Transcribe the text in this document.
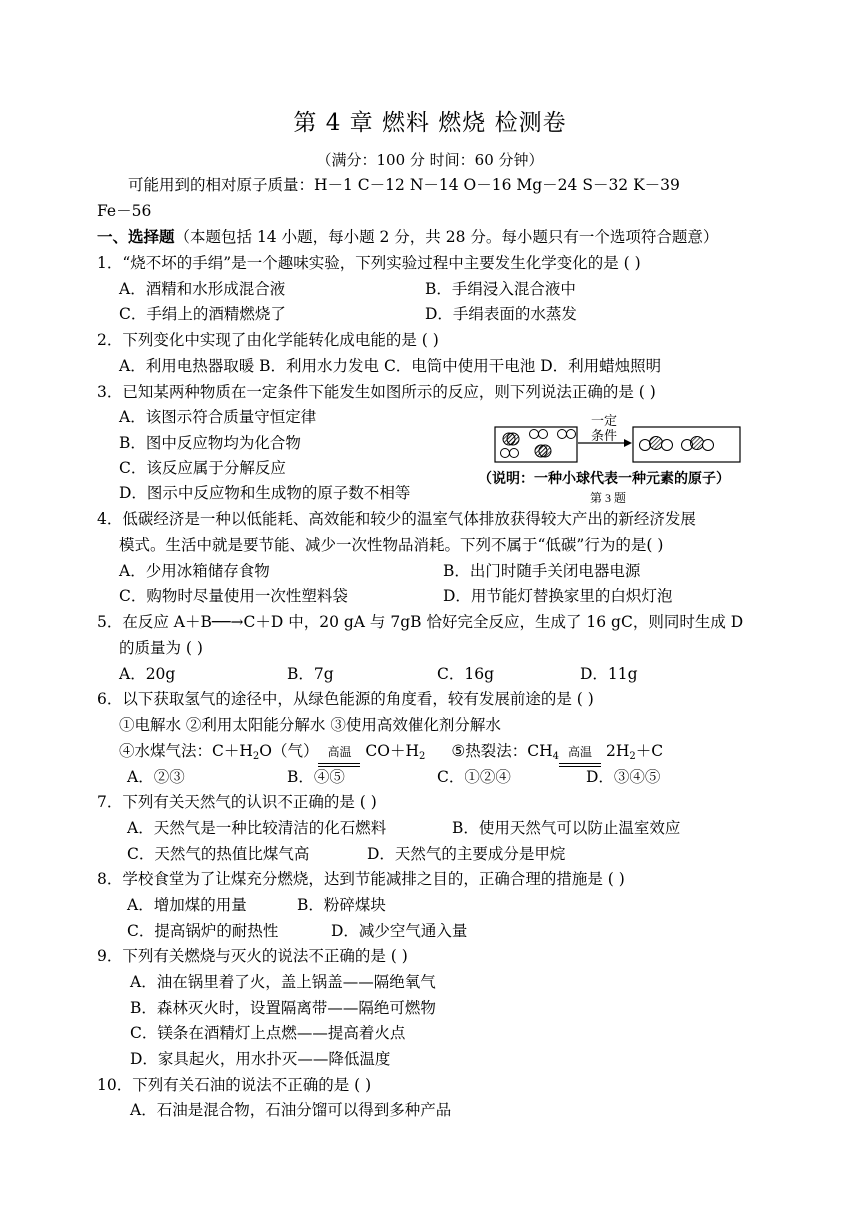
第 4 章 燃料 燃烧 检测卷
（满分：100 分 时间：60 分钟）
可能用到的相对原子质量：H－1 C－12 N－14 O－16 Mg－24 S－32 K－39
Fe－56
一、选择题（本题包括 14 小题，每小题 2 分，共 28 分。每小题只有一个选项符合题意）
1．“烧不坏的手绢”是一个趣味实验，下列实验过程中主要发生化学变化的是 ( )
A．酒精和水形成混合液	B．手绢浸入混合液中
C．手绢上的酒精燃烧了	D．手绢表面的水蒸发
2．下列变化中实现了由化学能转化成电能的是 ( )
A．利用电热器取暖 B．利用水力发电 C．电筒中使用干电池 D．利用蜡烛照明
3．已知某两种物质在一定条件下能发生如图所示的反应，则下列说法正确的是 ( )
A．该图示符合质量守恒定律
B．图中反应物均为化合物
C．该反应属于分解反应
D．图示中反应物和生成物的原子数不相等
一定
条件
（说明：一种小球代表一种元素的原子）
第 3 题
4．低碳经济是一种以低能耗、高效能和较少的温室气体排放获得较大产出的新经济发展
模式。生活中就是要节能、减少一次性物品消耗。下列不属于“低碳”行为的是( )
A．少用冰箱储存食物	B．出门时随手关闭电器电源
C．购物时尽量使用一次性塑料袋	D．用节能灯替换家里的白炽灯泡
5．在反应 A＋B──→C＋D 中，20 gA 与 7gB 恰好完全反应，生成了 16 gC，则同时生成 D
的质量为 ( )
A．20g	B．7g	C．16g	D．11g
6．以下获取氢气的途径中，从绿色能源的角度看，较有发展前途的是 ( )
①电解水 ②利用太阳能分解水 ③使用高效催化剂分解水
④水煤气法：$C+H_2O$（气） 高温 $CO+H_2$ ⑤热裂法：$CH_4$ 高温 $2H_2+C$
A．②③	B．④⑤	C．①②④	D．③④⑤
7．下列有关天然气的认识不正确的是 ( )
A．天然气是一种比较清洁的化石燃料	B．使用天然气可以防止温室效应
C．天然气的热值比煤气高	D．天然气的主要成分是甲烷
8．学校食堂为了让煤充分燃烧，达到节能减排之目的，正确合理的措施是 ( )
A．增加煤的用量	B．粉碎煤块
C．提高锅炉的耐热性	D．减少空气通入量
9．下列有关燃烧与灭火的说法不正确的是 ( )
A．油在锅里着了火，盖上锅盖——隔绝氧气
B．森林灭火时，设置隔离带——隔绝可燃物
C．镁条在酒精灯上点燃——提高着火点
D．家具起火，用水扑灭——降低温度
10．下列有关石油的说法不正确的是 ( )
A．石油是混合物，石油分馏可以得到多种产品
